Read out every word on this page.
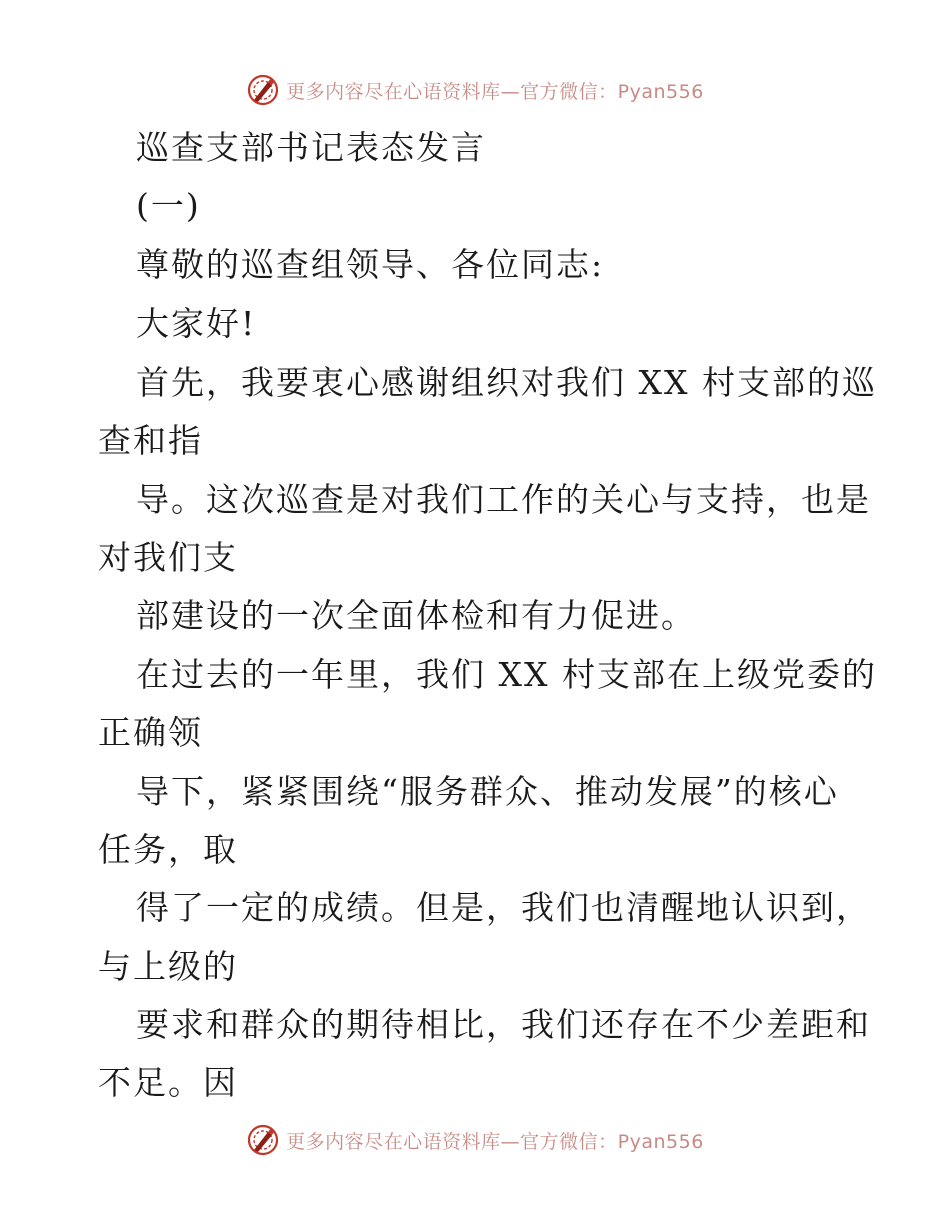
更多内容尽在心语资料库—官方微信：Pyan556
巡查支部书记表态发言
(一)
尊敬的巡查组领导、各位同志:
大家好!
首先，我要衷心感谢组织对我们 XX 村支部的巡
查和指
导。这次巡查是对我们工作的关心与支持，也是
对我们支
部建设的一次全面体检和有力促进。
在过去的一年里，我们 XX 村支部在上级党委的
正确领
导下，紧紧围绕“服务群众、推动发展”的核心
任务，取
得了一定的成绩。但是，我们也清醒地认识到，
与上级的
要求和群众的期待相比，我们还存在不少差距和
不足。因
更多内容尽在心语资料库—官方微信：Pyan556
